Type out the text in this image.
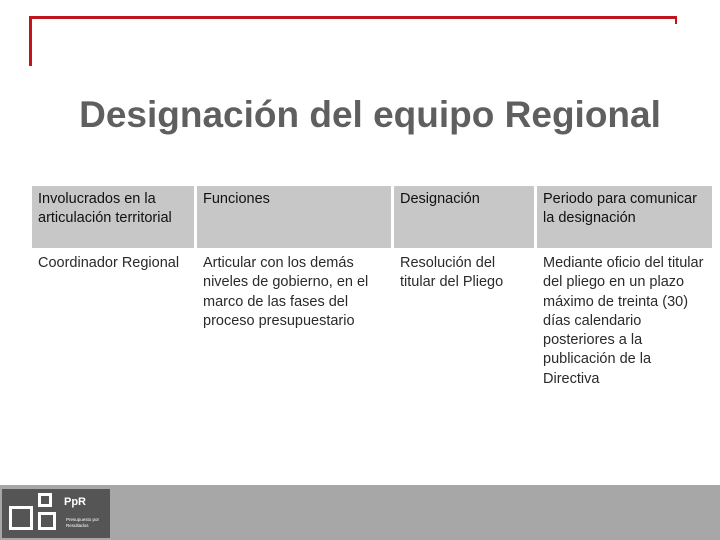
Designación del equipo Regional
Involucrados en la articulación territorial	Funciones	Designación	Periodo para comunicar la designación
Coordinador Regional	Articular con los demás niveles de gobierno, en el marco de las fases del proceso presupuestario	Resolución del titular del Pliego	Mediante oficio del titular del pliego en un plazo máximo de treinta (30) días calendario posteriores a la publicación de la Directiva
PpR
Presupuesto por Resultados
